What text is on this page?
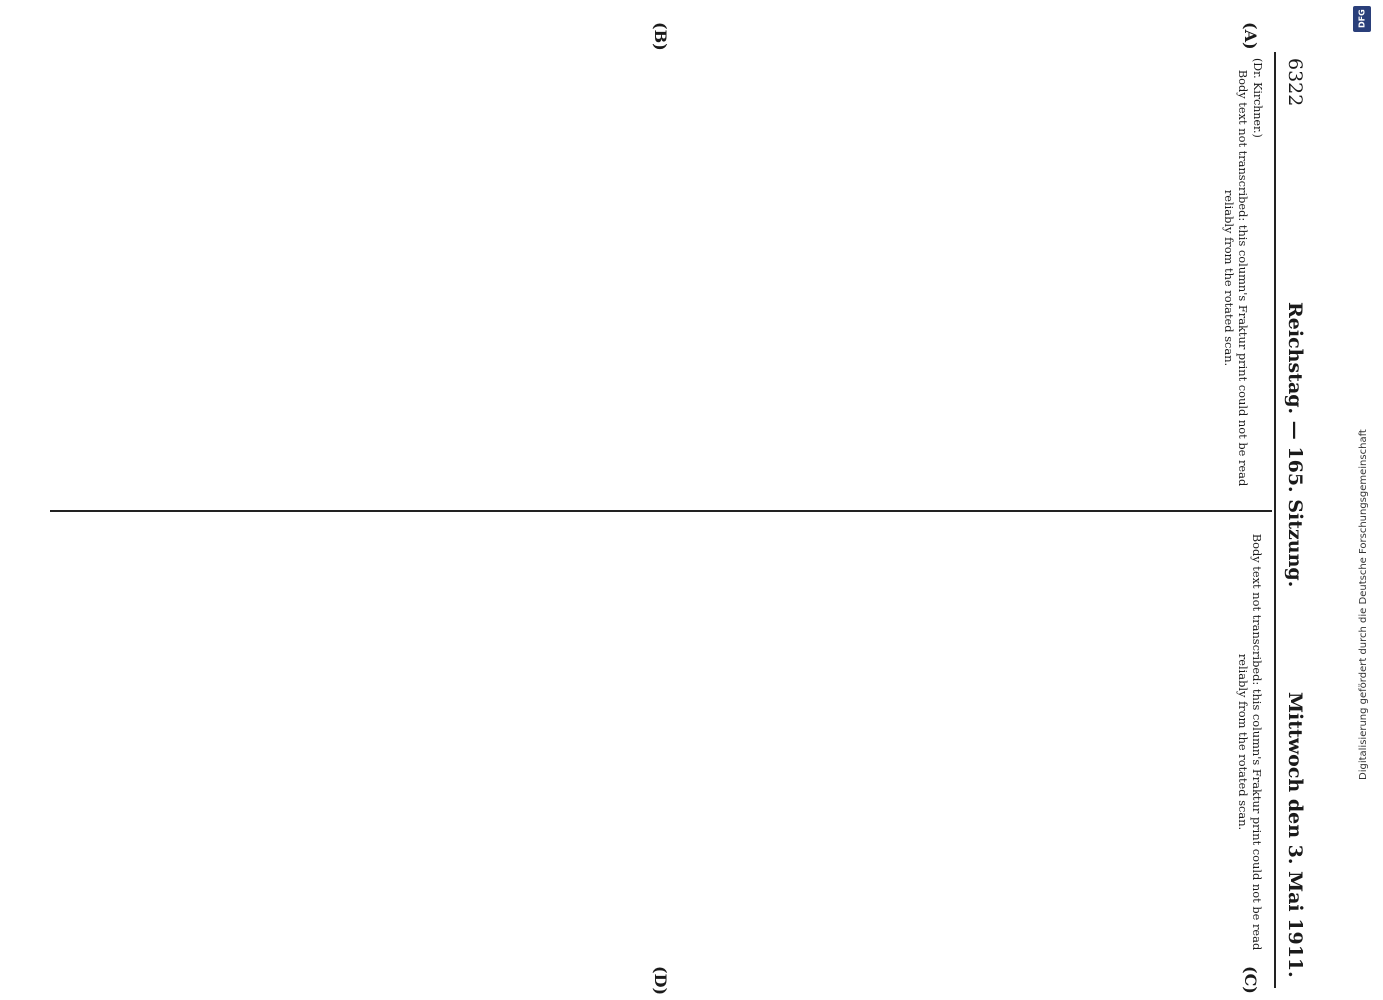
6322
Reichstag. — 165. Sitzung.
Mittwoch den 3. Mai 1911.
(A)
(B)
(C)
(D)
(Dr. Kirchner.)

Body text not transcribed: this column's Fraktur print could not be read reliably from the rotated scan.

Body text not transcribed: this column's Fraktur print could not be read reliably from the rotated scan.

DFG
Digitalisierung gefördert durch die Deutsche Forschungsgemeinschaft
